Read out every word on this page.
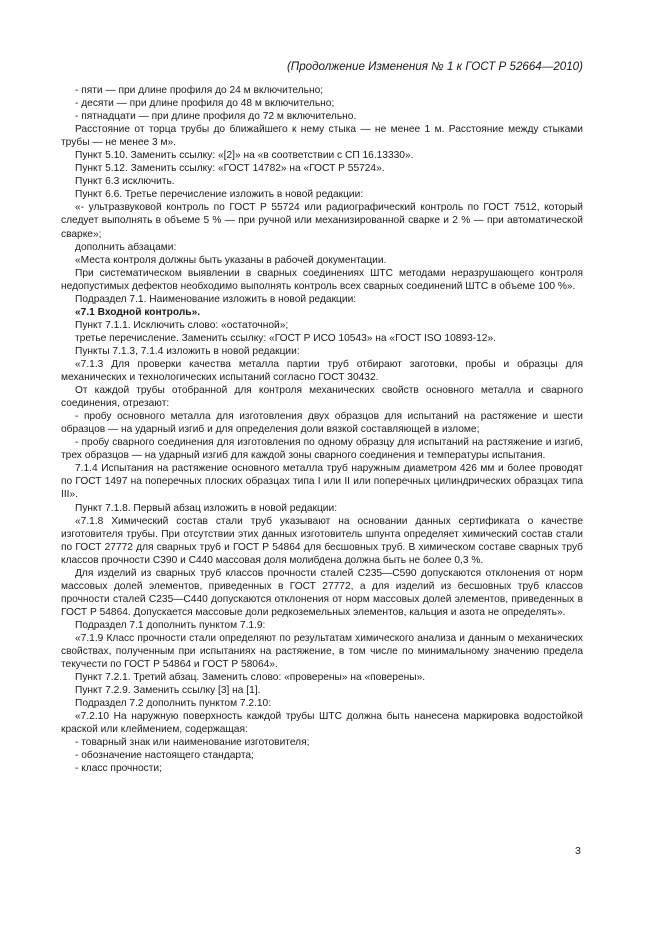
(Продолжение Изменения № 1 к ГОСТ Р 52664—2010)

- пяти — при длине профиля до 24 м включительно;

- десяти — при длине профиля до 48 м включительно;

- пятнадцати — при длине профиля до 72 м включительно.

Расстояние от торца трубы до ближайшего к нему стыка — не менее 1 м. Расстояние между стыками трубы — не менее 3 м».

Пункт 5.10. Заменить ссылку: «[2]» на «в соответствии с СП 16.13330».

Пункт 5.12. Заменить ссылку: «ГОСТ 14782» на «ГОСТ Р 55724».

Пункт 6.3 исключить.

Пункт 6.6. Третье перечисление изложить в новой редакции:

«- ультразвуковой контроль по ГОСТ Р 55724 или радиографический контроль по ГОСТ 7512, который следует выполнять в объеме 5 % — при ручной или механизированной сварке и 2 % — при автоматической сварке»;

дополнить абзацами:

«Места контроля должны быть указаны в рабочей документации.

При систематическом выявлении в сварных соединениях ШТС методами неразрушающего контроля недопустимых дефектов необходимо выполнять контроль всех сварных соединений ШТС в объеме 100 %».

Подраздел 7.1. Наименование изложить в новой редакции:

«7.1 Входной контроль».

Пункт 7.1.1. Исключить слово: «остаточной»;

третье перечисление. Заменить ссылку: «ГОСТ Р ИСО 10543» на «ГОСТ ISO 10893-12».

Пункты 7.1.3, 7.1.4 изложить в новой редакции:

«7.1.3 Для проверки качества металла партии труб отбирают заготовки, пробы и образцы для механических и технологических испытаний согласно ГОСТ 30432.

От каждой трубы отобранной для контроля механических свойств основного металла и сварного соединения, отрезают:

- пробу основного металла для изготовления двух образцов для испытаний на растяжение и шести образцов — на ударный изгиб и для определения доли вязкой составляющей в изломе;

- пробу сварного соединения для изготовления по одному образцу для испытаний на растяжение и изгиб, трех образцов — на ударный изгиб для каждой зоны сварного соединения и температуры испытания.

7.1.4 Испытания на растяжение основного металла труб наружным диаметром 426 мм и более проводят по ГОСТ 1497 на поперечных плоских образцах типа I или II или поперечных цилиндрических образцах типа III».

Пункт 7.1.8. Первый абзац изложить в новой редакции:

«7.1.8 Химический состав стали труб указывают на основании данных сертификата о качестве изготовителя трубы. При отсутствии этих данных изготовитель шпунта определяет химический состав стали по ГОСТ 27772 для сварных труб и ГОСТ Р 54864 для бесшовных труб. В химическом составе сварных труб классов прочности С390 и С440 массовая доля молибдена должна быть не более 0,3 %.

Для изделий из сварных труб классов прочности сталей С235—С590 допускаются отклонения от норм массовых долей элементов, приведенных в ГОСТ 27772, а для изделий из бесшовных труб классов прочности сталей С235—С440 допускаются отклонения от норм массовых долей элементов, приведенных в ГОСТ Р 54864. Допускается массовые доли редкоземельных элементов, кальция и азота не определять».

Подраздел 7.1 дополнить пунктом 7.1.9:

«7.1.9 Класс прочности стали определяют по результатам химического анализа и данным о механических свойствах, полученным при испытаниях на растяжение, в том числе по минимальному значению предела текучести по ГОСТ Р 54864 и ГОСТ Р 58064».

Пункт 7.2.1. Третий абзац. Заменить слово: «проверены» на «поверены».

Пункт 7.2.9. Заменить ссылку [3] на [1].

Подраздел 7.2 дополнить пунктом 7.2.10:

«7.2.10 На наружную поверхность каждой трубы ШТС должна быть нанесена маркировка водостойкой краской или клеймением, содержащая:

- товарный знак или наименование изготовителя;

- обозначение настоящего стандарта;

- класс прочности;

3
